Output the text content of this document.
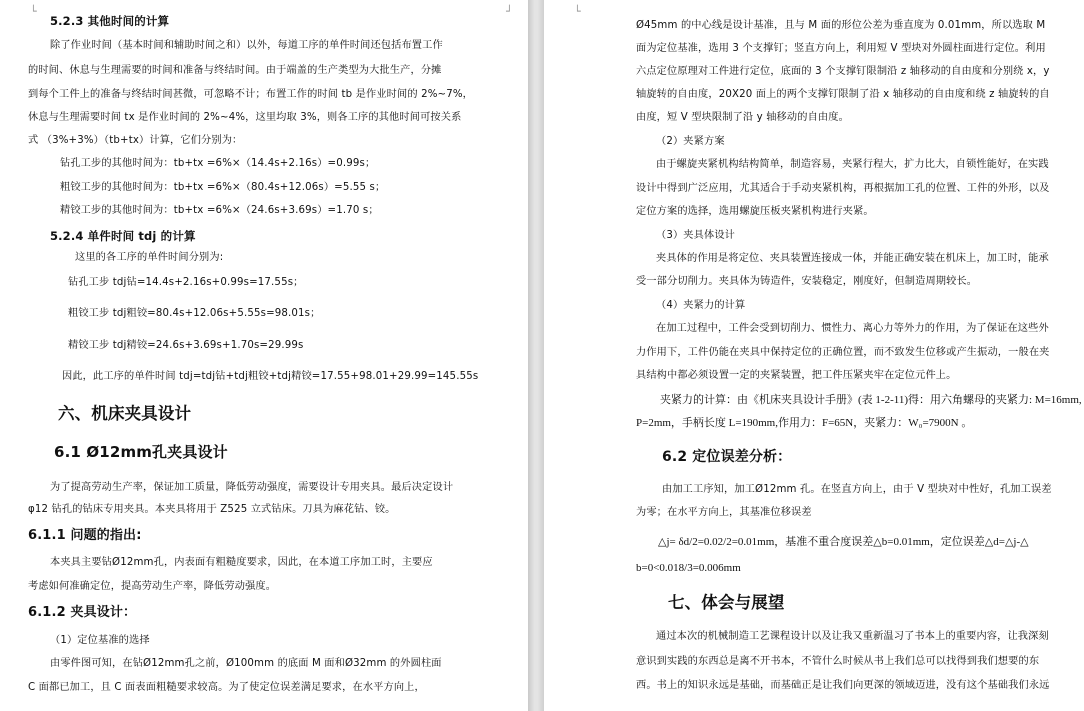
└	┘
5.2.3 其他时间的计算
除了作业时间（基本时间和辅助时间之和）以外，每道工序的单件时间还包括布置工作
的时间、休息与生理需要的时间和准备与终结时间。由于端盖的生产类型为大批生产，分摊
到每个工件上的准备与终结时间甚微，可忽略不计；布置工作的时间 tb 是作业时间的 2%~7%，
休息与生理需要时间 tx 是作业时间的 2%~4%，这里均取 3%，则各工序的其他时间可按关系
式 （3%+3%）（tb+tx）计算，它们分别为：
钻孔工步的其他时间为：tb+tx =6%×（14.4s+2.16s）=0.99s；
粗铰工步的其他时间为：tb+tx =6%×（80.4s+12.06s）=5.55 s；
精铰工步的其他时间为：tb+tx =6%×（24.6s+3.69s）=1.70 s；
5.2.4 单件时间 tdj 的计算
这里的各工序的单件时间分别为:
钻孔工步 tdj钻=14.4s+2.16s+0.99s=17.55s；
粗铰工步 tdj粗铰=80.4s+12.06s+5.55s=98.01s；
精铰工步 tdj精铰=24.6s+3.69s+1.70s=29.99s
因此，此工序的单件时间 tdj=tdj钻+tdj粗铰+tdj精铰=17.55+98.01+29.99=145.55s
六、机床夹具设计
6.1 Ø12mm孔夹具设计
为了提高劳动生产率，保证加工质量，降低劳动强度，需要设计专用夹具。最后决定设计
φ12 钻孔的钻床专用夹具。本夹具将用于 Z525 立式钻床。刀具为麻花钻、铰。
6.1.1 问题的指出:
本夹具主要钻Ø12mm孔，内表面有粗糙度要求，因此，在本道工序加工时，主要应
考虑如何准确定位，提高劳动生产率，降低劳动强度。
6.1.2 夹具设计：
（1）定位基准的选择
由零件图可知，在钻Ø12mm孔之前，Ø100mm 的底面 M 面和Ø32mm 的外圆柱面
C 面都已加工，且 C 面表面粗糙要求较高。为了使定位误差满足要求，在水平方向上，
└
Ø45mm 的中心线是设计基准，且与 M 面的形位公差为垂直度为 0.01mm，所以选取 M
面为定位基准，选用 3 个支撑钉；竖直方向上，利用短 V 型块对外圆柱面进行定位。利用
六点定位原理对工件进行定位，底面的 3 个支撑钉限制沿 z 轴移动的自由度和分别绕 x，y
轴旋转的自由度，20X20 面上的两个支撑钉限制了沿 x 轴移动的自由度和绕 z 轴旋转的自
由度，短 V 型块限制了沿 y 轴移动的自由度。
（2）夹紧方案
由于螺旋夹紧机构结构简单，制造容易，夹紧行程大，扩力比大，自锁性能好，在实践
设计中得到广泛应用，尤其适合于手动夹紧机构，再根据加工孔的位置、工件的外形，以及
定位方案的选择，选用螺旋压板夹紧机构进行夹紧。
（3）夹具体设计
夹具体的作用是将定位、夹具装置连接成一体，并能正确安装在机床上，加工时，能承
受一部分切削力。夹具体为铸造件，安装稳定，刚度好，但制造周期较长。
（4）夹紧力的计算
在加工过程中，工件会受到切削力、惯性力、离心力等外力的作用，为了保证在这些外
力作用下，工件仍能在夹具中保持定位的正确位置，而不致发生位移或产生振动，一般在夹
具结构中都必须设置一定的夹紧装置，把工件压紧夹牢在定位元件上。
夹紧力的计算：由《机床夹具设计手册》(表 1-2-11)得：用六角螺母的夹紧力: M=16mm,
P=2mm，手柄长度 L=190mm,作用力：F=65N，夹紧力：W₀=7900N 。
6.2 定位误差分析：
由加工工序知，加工Ø12mm 孔。在竖直方向上，由于 V 型块对中性好，孔加工误差
为零；在水平方向上，其基准位移误差
△j= δd/2=0.02/2=0.01mm，基准不重合度误差△b=0.01mm，定位误差△d=△j-△
b=0<0.018/3=0.006mm
七、体会与展望
通过本次的机械制造工艺课程设计以及让我又重新温习了书本上的重要内容，让我深刻
意识到实践的东西总是离不开书本，不管什么时候从书上我们总可以找得到我们想要的东
西。书上的知识永远是基础，而基础正是让我们向更深的领域迈进，没有这个基础我们永远
